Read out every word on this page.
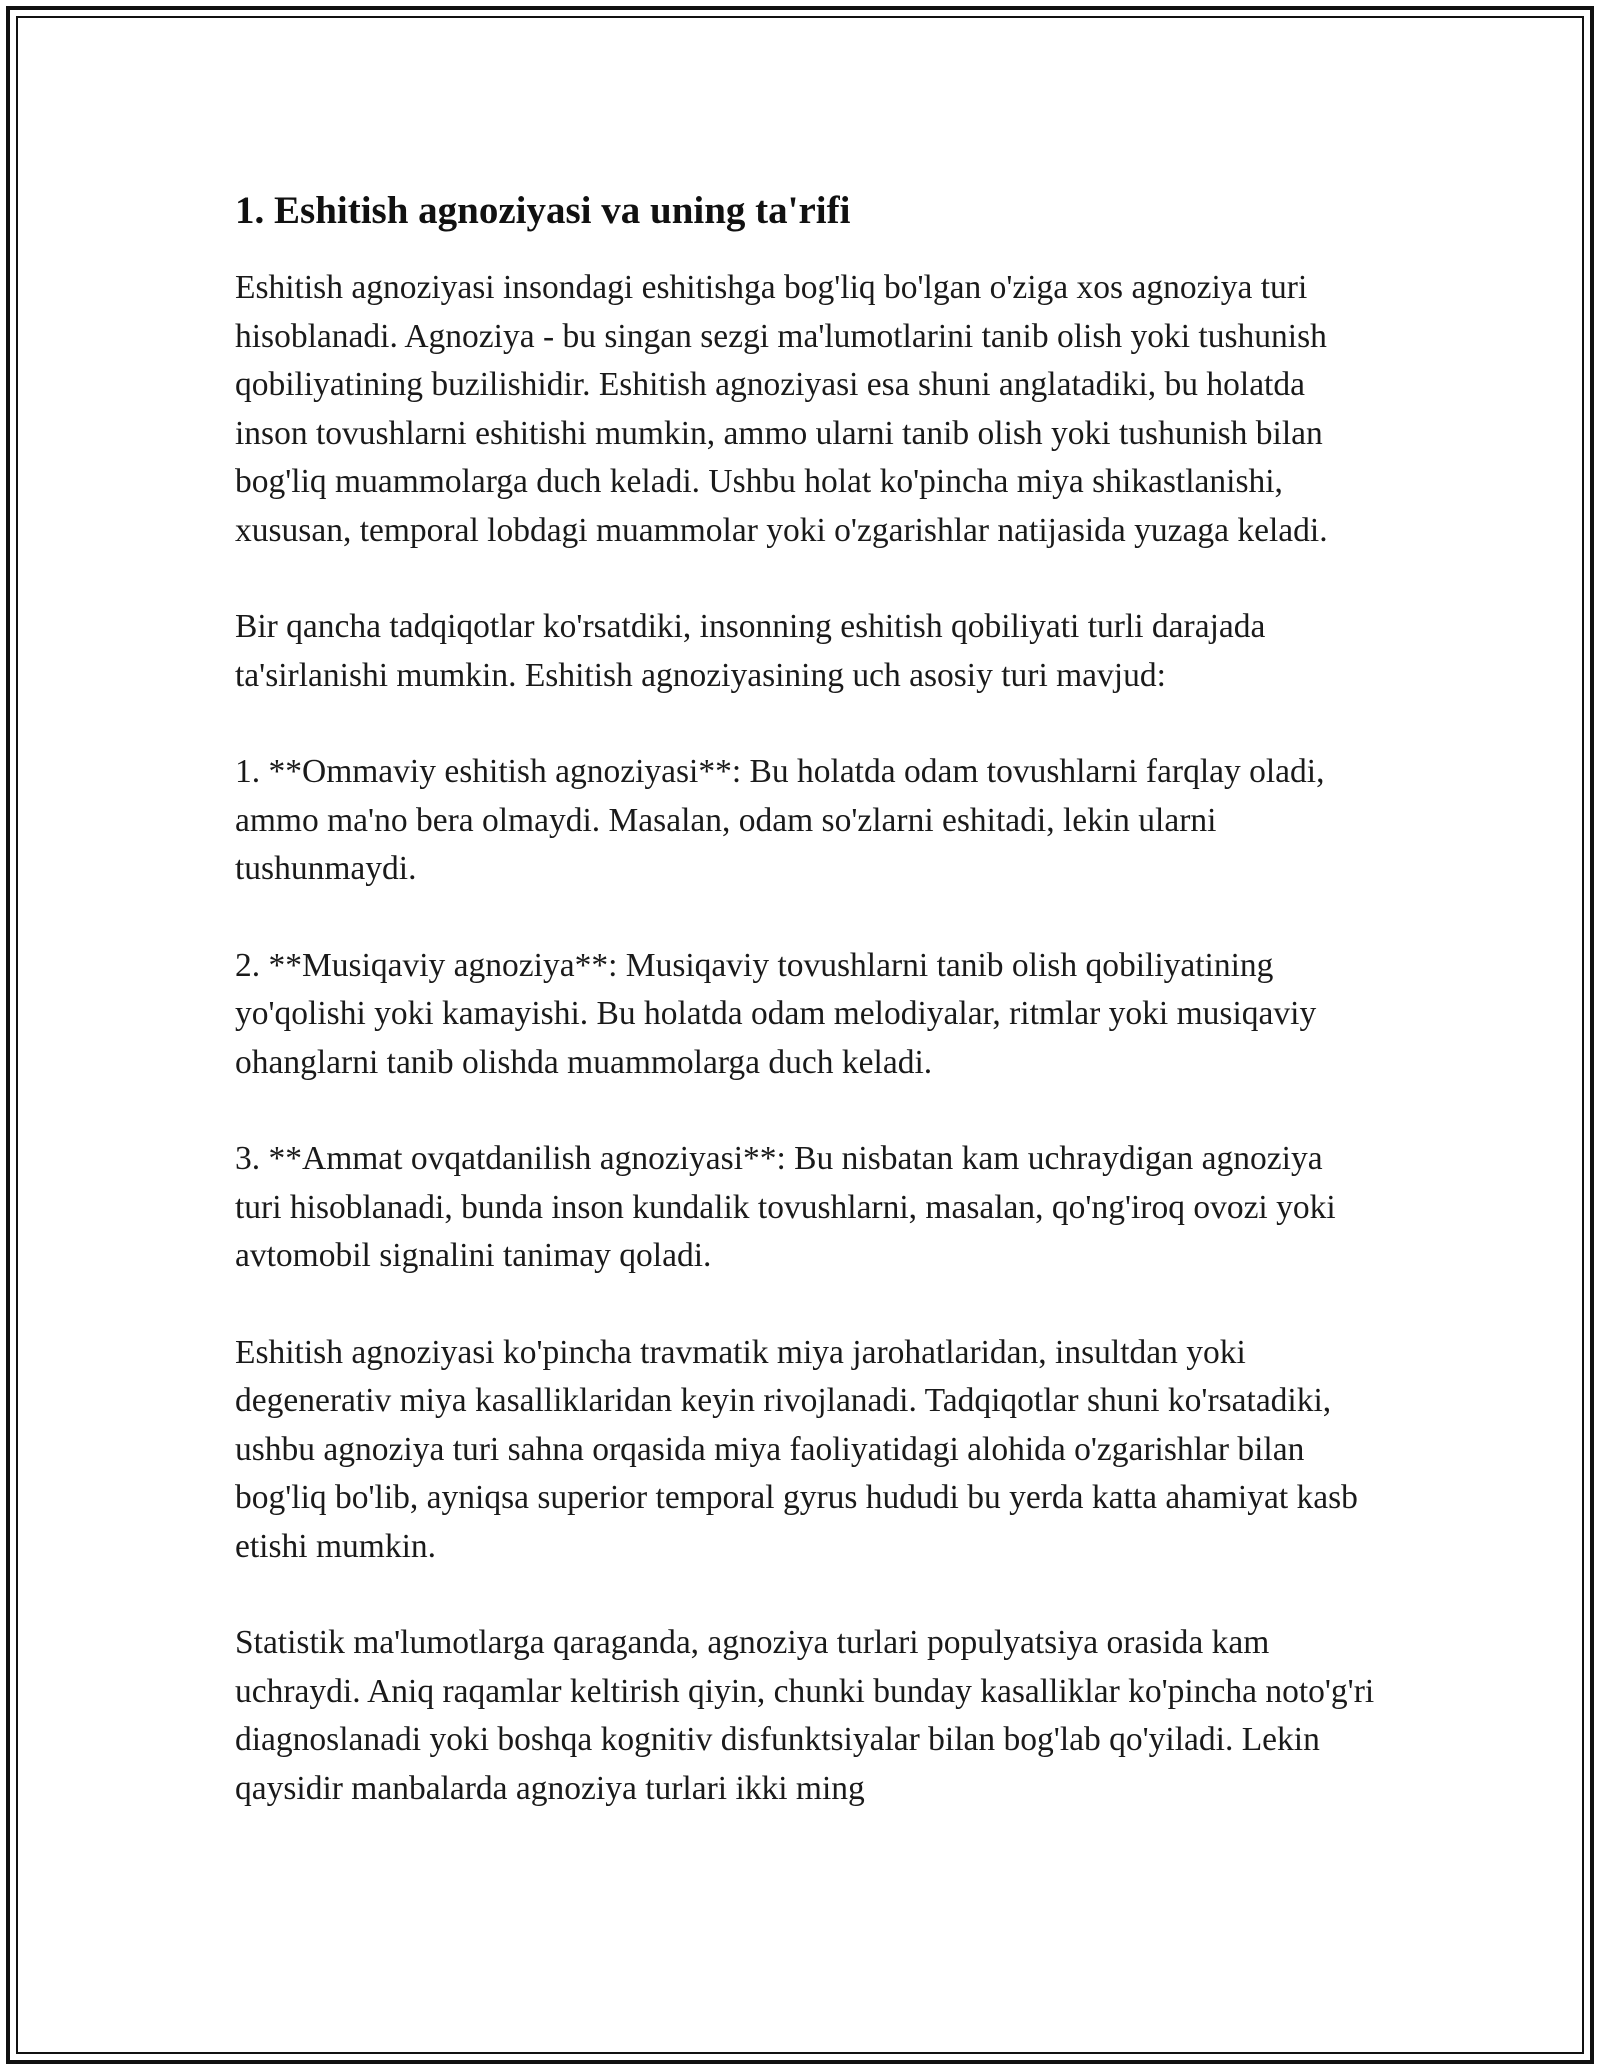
1. Eshitish agnoziyasi va uning ta'rifi

Eshitish agnoziyasi insondagi eshitishga bog'liq bo'lgan o'ziga xos agnoziya turi hisoblanadi. Agnoziya - bu singan sezgi ma'lumotlarini tanib olish yoki tushunish qobiliyatining buzilishidir. Eshitish agnoziyasi esa shuni anglatadiki, bu holatda inson tovushlarni eshitishi mumkin, ammo ularni tanib olish yoki tushunish bilan bog'liq muammolarga duch keladi. Ushbu holat ko'pincha miya shikastlanishi, xususan, temporal lobdagi muammolar yoki o'zgarishlar natijasida yuzaga keladi.

Bir qancha tadqiqotlar ko'rsatdiki, insonning eshitish qobiliyati turli darajada ta'sirlanishi mumkin. Eshitish agnoziyasining uch asosiy turi mavjud:

1. **Ommaviy eshitish agnoziyasi**: Bu holatda odam tovushlarni farqlay oladi, ammo ma'no bera olmaydi. Masalan, odam so'zlarni eshitadi, lekin ularni tushunmaydi.

2. **Musiqaviy agnoziya**: Musiqaviy tovushlarni tanib olish qobiliyatining yo'qolishi yoki kamayishi. Bu holatda odam melodiyalar, ritmlar yoki musiqaviy ohanglarni tanib olishda muammolarga duch keladi.

3. **Ammat ovqatdanilish agnoziyasi**: Bu nisbatan kam uchraydigan agnoziya turi hisoblanadi, bunda inson kundalik tovushlarni, masalan, qo'ng'iroq ovozi yoki avtomobil signalini tanimay qoladi.

Eshitish agnoziyasi ko'pincha travmatik miya jarohatlaridan, insultdan yoki degenerativ miya kasalliklaridan keyin rivojlanadi. Tadqiqotlar shuni ko'rsatadiki, ushbu agnoziya turi sahna orqasida miya faoliyatidagi alohida o'zgarishlar bilan bog'liq bo'lib, ayniqsa superior temporal gyrus hududi bu yerda katta ahamiyat kasb etishi mumkin.

Statistik ma'lumotlarga qaraganda, agnoziya turlari populyatsiya orasida kam uchraydi. Aniq raqamlar keltirish qiyin, chunki bunday kasalliklar ko'pincha noto'g'ri diagnoslanadi yoki boshqa kognitiv disfunktsiyalar bilan bog'lab qo'yiladi. Lekin qaysidir manbalarda agnoziya turlari ikki ming
